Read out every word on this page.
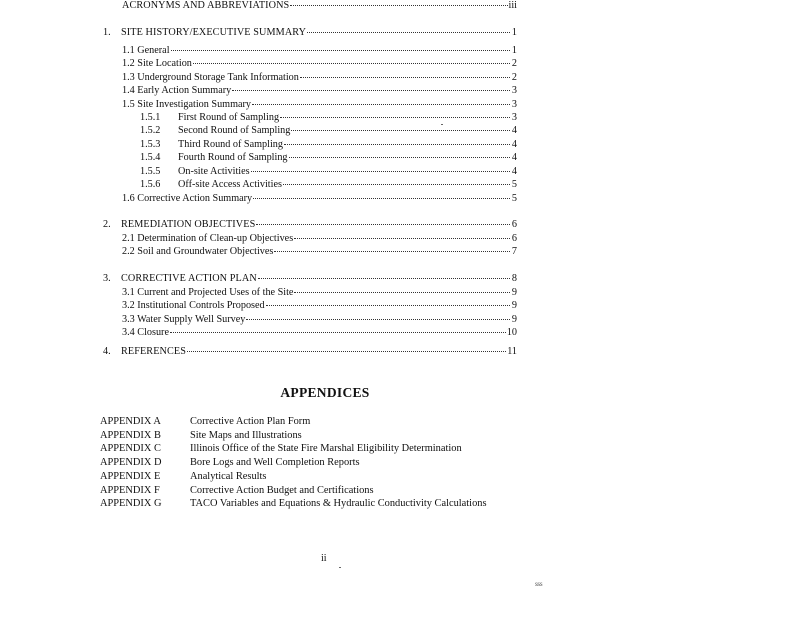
ACRONYMS AND ABBREVIATIONS	iii
1.	SITE HISTORY/EXECUTIVE SUMMARY	1
1.1 General	1
1.2 Site Location	2
1.3 Underground Storage Tank Information	2
1.4 Early Action Summary	3
1.5 Site Investigation Summary	3
1.5.1	First Round of Sampling	3
1.5.2	Second Round of Sampling	4
1.5.3	Third Round of Sampling	4
1.5.4	Fourth Round of Sampling	4
1.5.5	On-site Activities	4
1.5.6	Off-site Access Activities	5
1.6 Corrective Action Summary	5
2.	REMEDIATION OBJECTIVES	6
2.1 Determination of Clean-up Objectives	6
2.2 Soil and Groundwater Objectives	7
3.	CORRECTIVE ACTION PLAN	8
3.1 Current and Projected Uses of the Site	9
3.2 Institutional Controls Proposed	9
3.3 Water Supply Well Survey	9
3.4 Closure	10
4.	REFERENCES	11
APPENDICES
APPENDIX A	Corrective Action Plan Form
APPENDIX B	Site Maps and Illustrations
APPENDIX C	Illinois Office of the State Fire Marshal Eligibility Determination
APPENDIX D	Bore Logs and Well Completion Reports
APPENDIX E	Analytical Results
APPENDIX F	Corrective Action Budget and Certifications
APPENDIX G	TACO Variables and Equations & Hydraulic Conductivity Calculations
ii
sss
